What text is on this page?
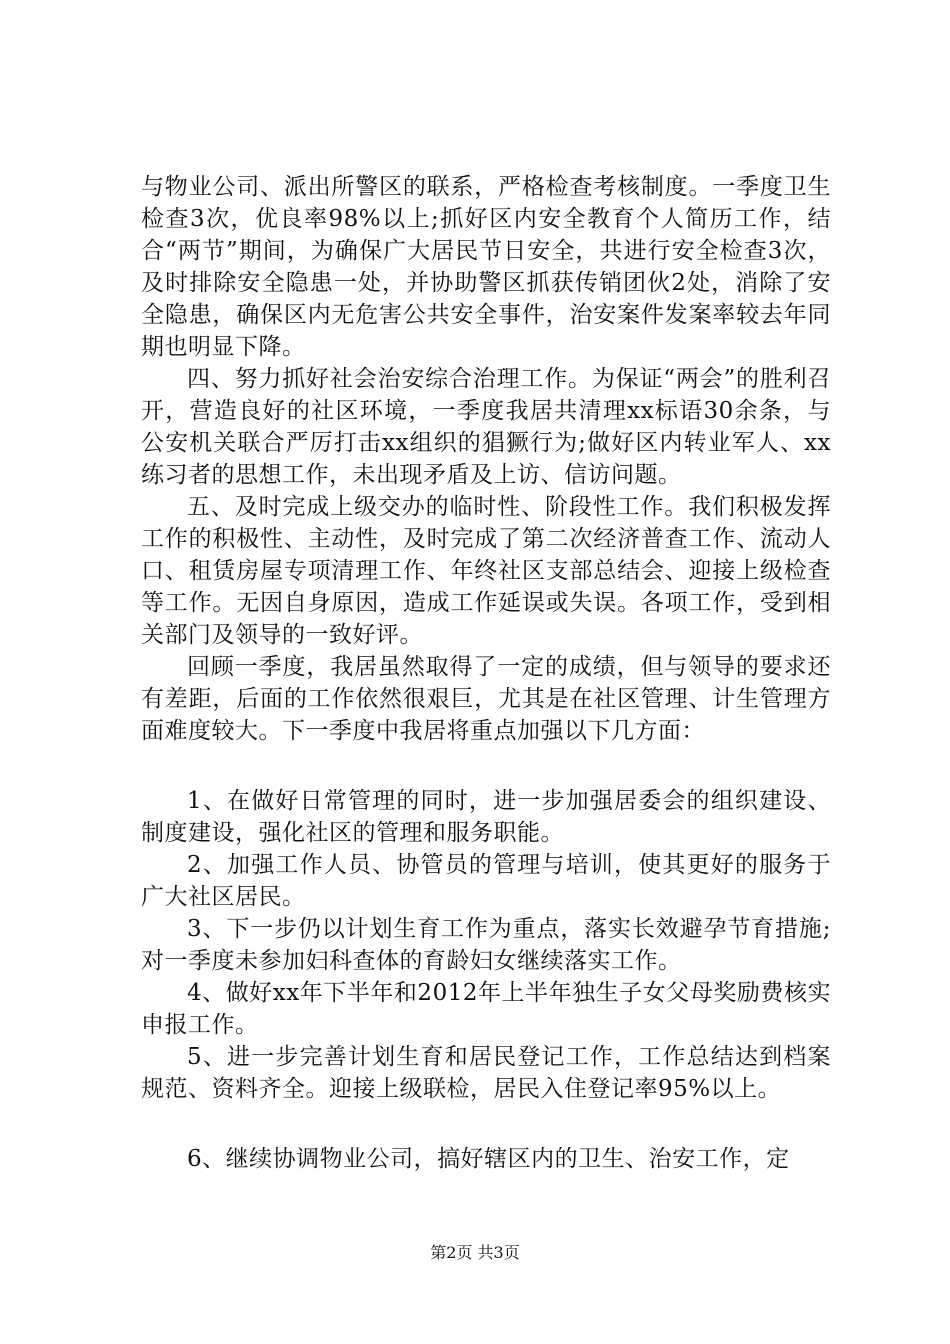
与物业公司、派出所警区的联系，严格检查考核制度。一季度卫生检查3次，优良率98%以上;抓好区内安全教育个人简历工作，结合“两节”期间，为确保广大居民节日安全，共进行安全检查3次，及时排除安全隐患一处，并协助警区抓获传销团伙2处，消除了安全隐患，确保区内无危害公共安全事件，治安案件发案率较去年同期也明显下降。

四、努力抓好社会治安综合治理工作。为保证“两会”的胜利召开，营造良好的社区环境，一季度我居共清理xx标语30余条，与公安机关联合严厉打击xx组织的猖獗行为;做好区内转业军人、xx练习者的思想工作，未出现矛盾及上访、信访问题。

五、及时完成上级交办的临时性、阶段性工作。我们积极发挥工作的积极性、主动性，及时完成了第二次经济普查工作、流动人口、租赁房屋专项清理工作、年终社区支部总结会、迎接上级检查等工作。无因自身原因，造成工作延误或失误。各项工作，受到相关部门及领导的一致好评。

回顾一季度，我居虽然取得了一定的成绩，但与领导的要求还有差距，后面的工作依然很艰巨，尤其是在社区管理、计生管理方面难度较大。下一季度中我居将重点加强以下几方面：

1、在做好日常管理的同时，进一步加强居委会的组织建设、制度建设，强化社区的管理和服务职能。

2、加强工作人员、协管员的管理与培训，使其更好的服务于广大社区居民。

3、下一步仍以计划生育工作为重点，落实长效避孕节育措施;对一季度未参加妇科查体的育龄妇女继续落实工作。

4、做好xx年下半年和2012年上半年独生子女父母奖励费核实申报工作。

5、进一步完善计划生育和居民登记工作，工作总结达到档案规范、资料齐全。迎接上级联检，居民入住登记率95%以上。

6、继续协调物业公司，搞好辖区内的卫生、治安工作，定

第2页 共3页
